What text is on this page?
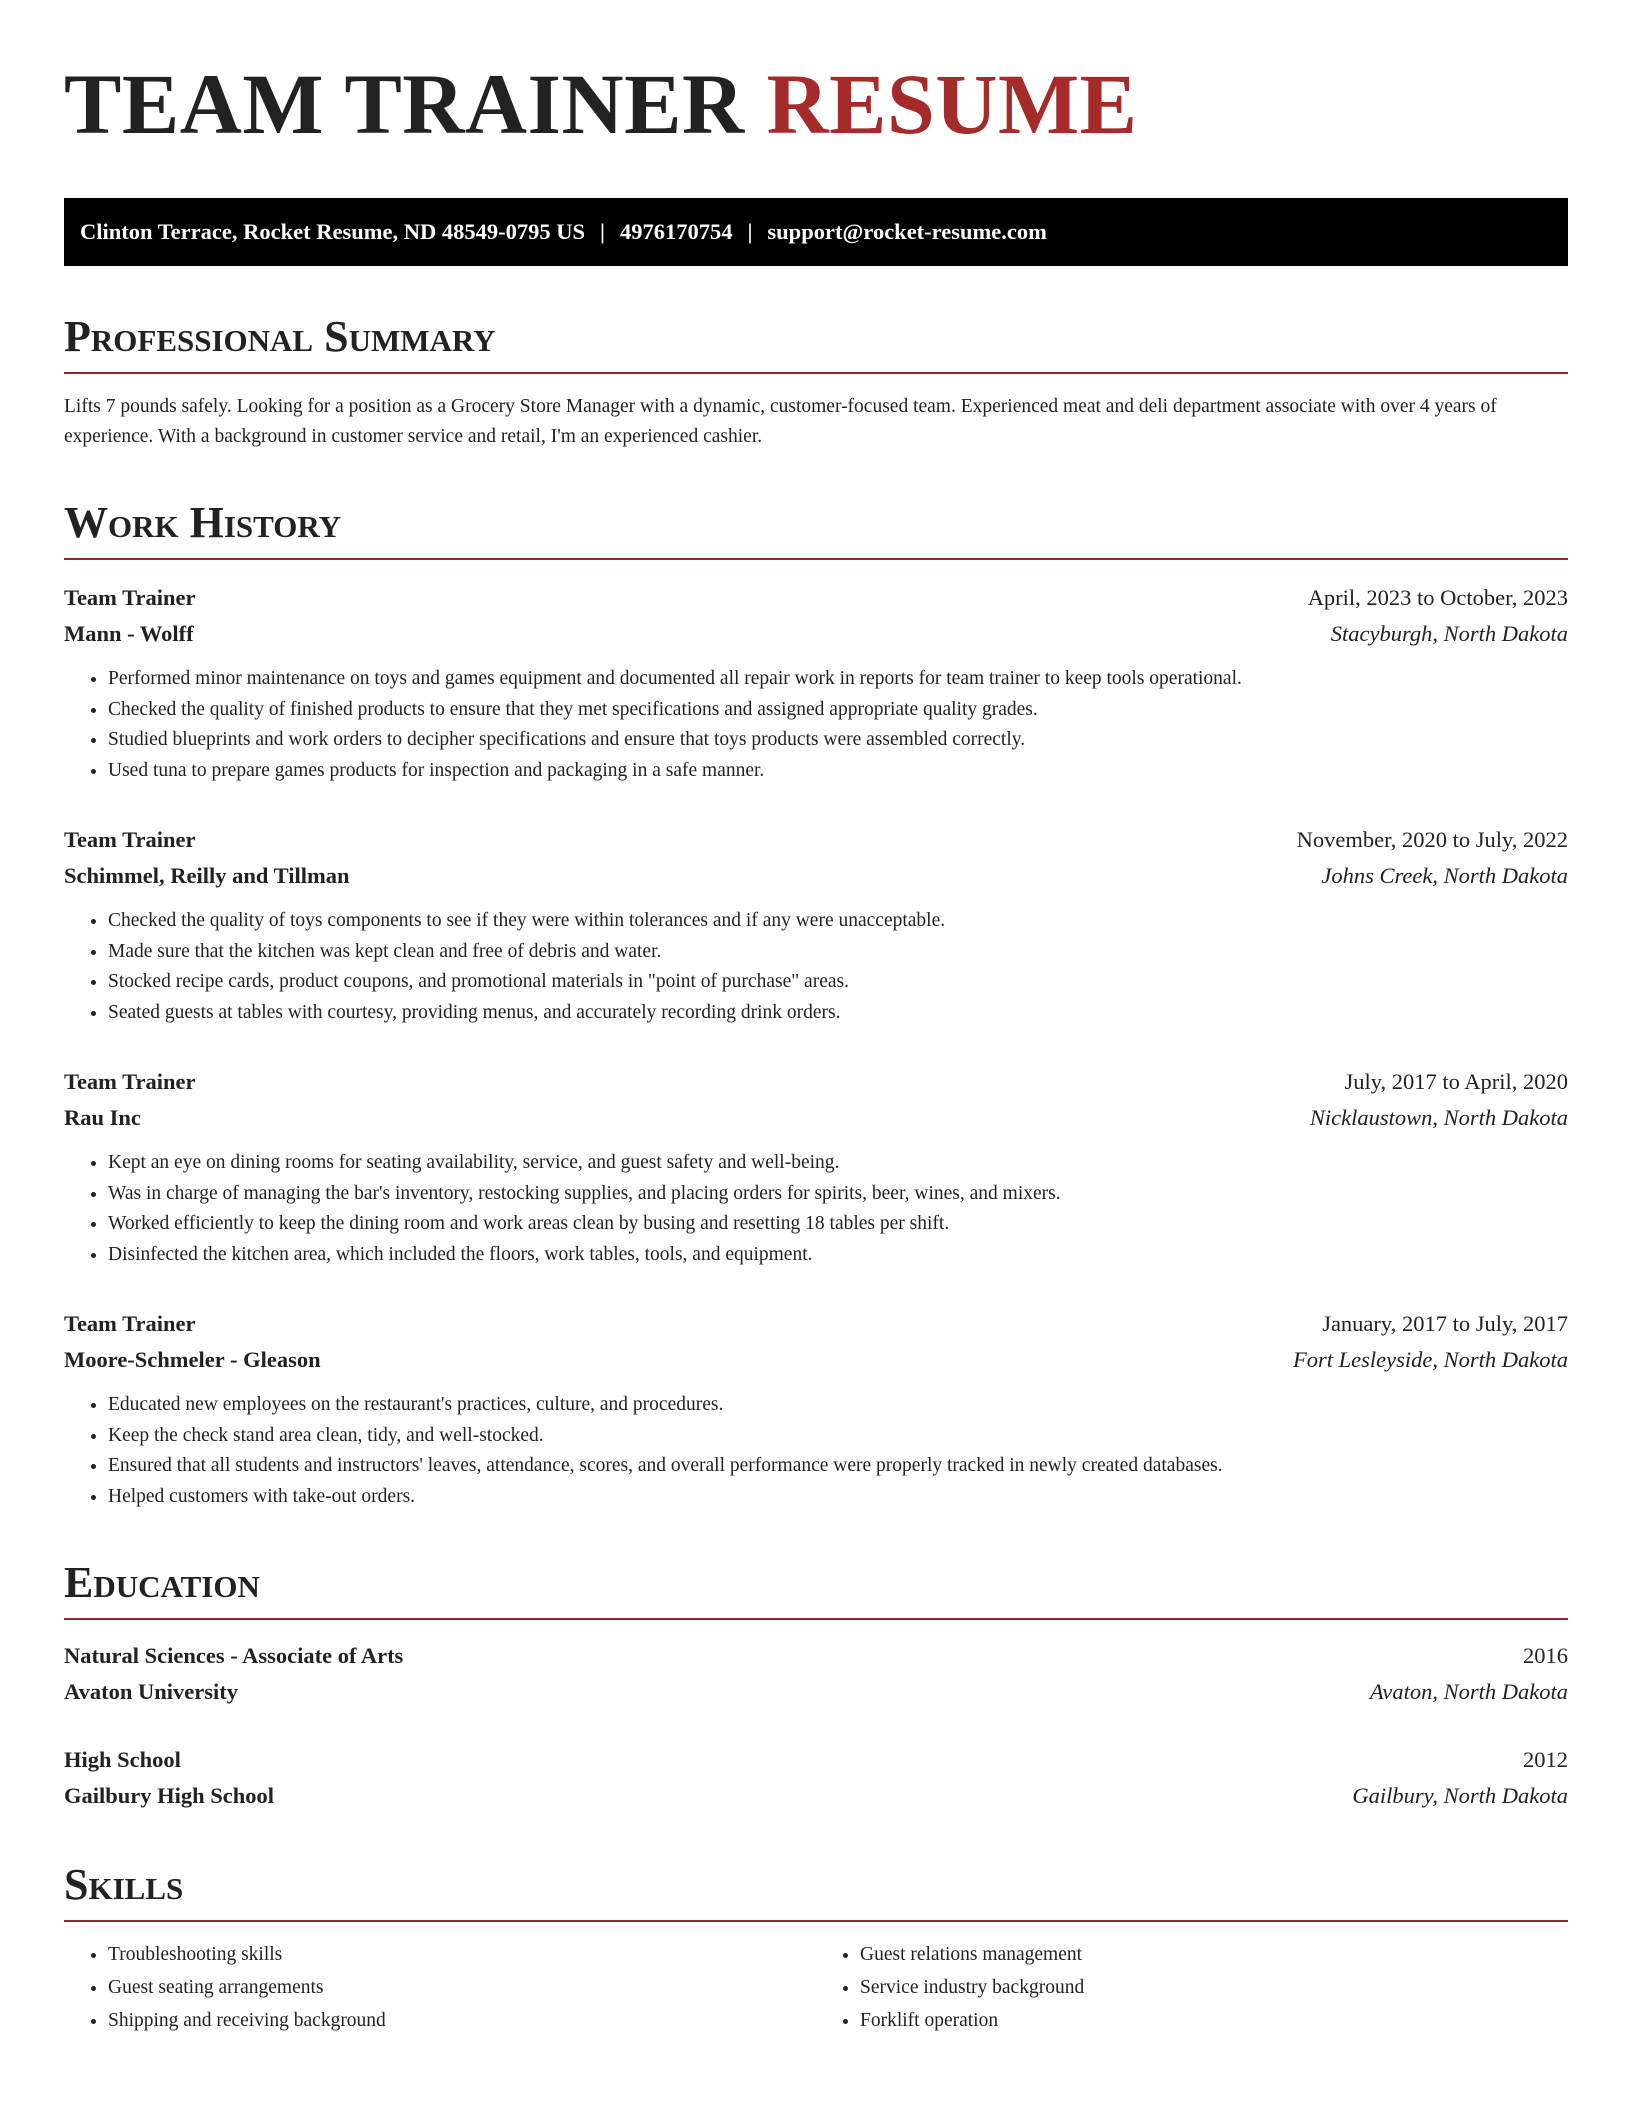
TEAM TRAINER RESUME
Clinton Terrace, Rocket Resume, ND 48549-0795 US | 4976170754 | support@rocket-resume.com
Professional Summary

Lifts 7 pounds safely. Looking for a position as a Grocery Store Manager with a dynamic, customer-focused team. Experienced meat and deli department associate with over 4 years of experience. With a background in customer service and retail, I'm an experienced cashier.

Work History
Team Trainer	April, 2023 to October, 2023
Mann - Wolff	Stacyburgh, North Dakota
• Performed minor maintenance on toys and games equipment and documented all repair work in reports for team trainer to keep tools operational.
• Checked the quality of finished products to ensure that they met specifications and assigned appropriate quality grades.
• Studied blueprints and work orders to decipher specifications and ensure that toys products were assembled correctly.
• Used tuna to prepare games products for inspection and packaging in a safe manner.
Team Trainer	November, 2020 to July, 2022
Schimmel, Reilly and Tillman	Johns Creek, North Dakota
• Checked the quality of toys components to see if they were within tolerances and if any were unacceptable.
• Made sure that the kitchen was kept clean and free of debris and water.
• Stocked recipe cards, product coupons, and promotional materials in "point of purchase" areas.
• Seated guests at tables with courtesy, providing menus, and accurately recording drink orders.
Team Trainer	July, 2017 to April, 2020
Rau Inc	Nicklaustown, North Dakota
• Kept an eye on dining rooms for seating availability, service, and guest safety and well-being.
• Was in charge of managing the bar's inventory, restocking supplies, and placing orders for spirits, beer, wines, and mixers.
• Worked efficiently to keep the dining room and work areas clean by busing and resetting 18 tables per shift.
• Disinfected the kitchen area, which included the floors, work tables, tools, and equipment.
Team Trainer	January, 2017 to July, 2017
Moore-Schmeler - Gleason	Fort Lesleyside, North Dakota
• Educated new employees on the restaurant's practices, culture, and procedures.
• Keep the check stand area clean, tidy, and well-stocked.
• Ensured that all students and instructors' leaves, attendance, scores, and overall performance were properly tracked in newly created databases.
• Helped customers with take-out orders.
Education
Natural Sciences - Associate of Arts	2016
Avaton University	Avaton, North Dakota
High School	2012
Gailbury High School	Gailbury, North Dakota
Skills
• Troubleshooting skills
• Guest seating arrangements
• Shipping and receiving background
• Guest relations management
• Service industry background
• Forklift operation
